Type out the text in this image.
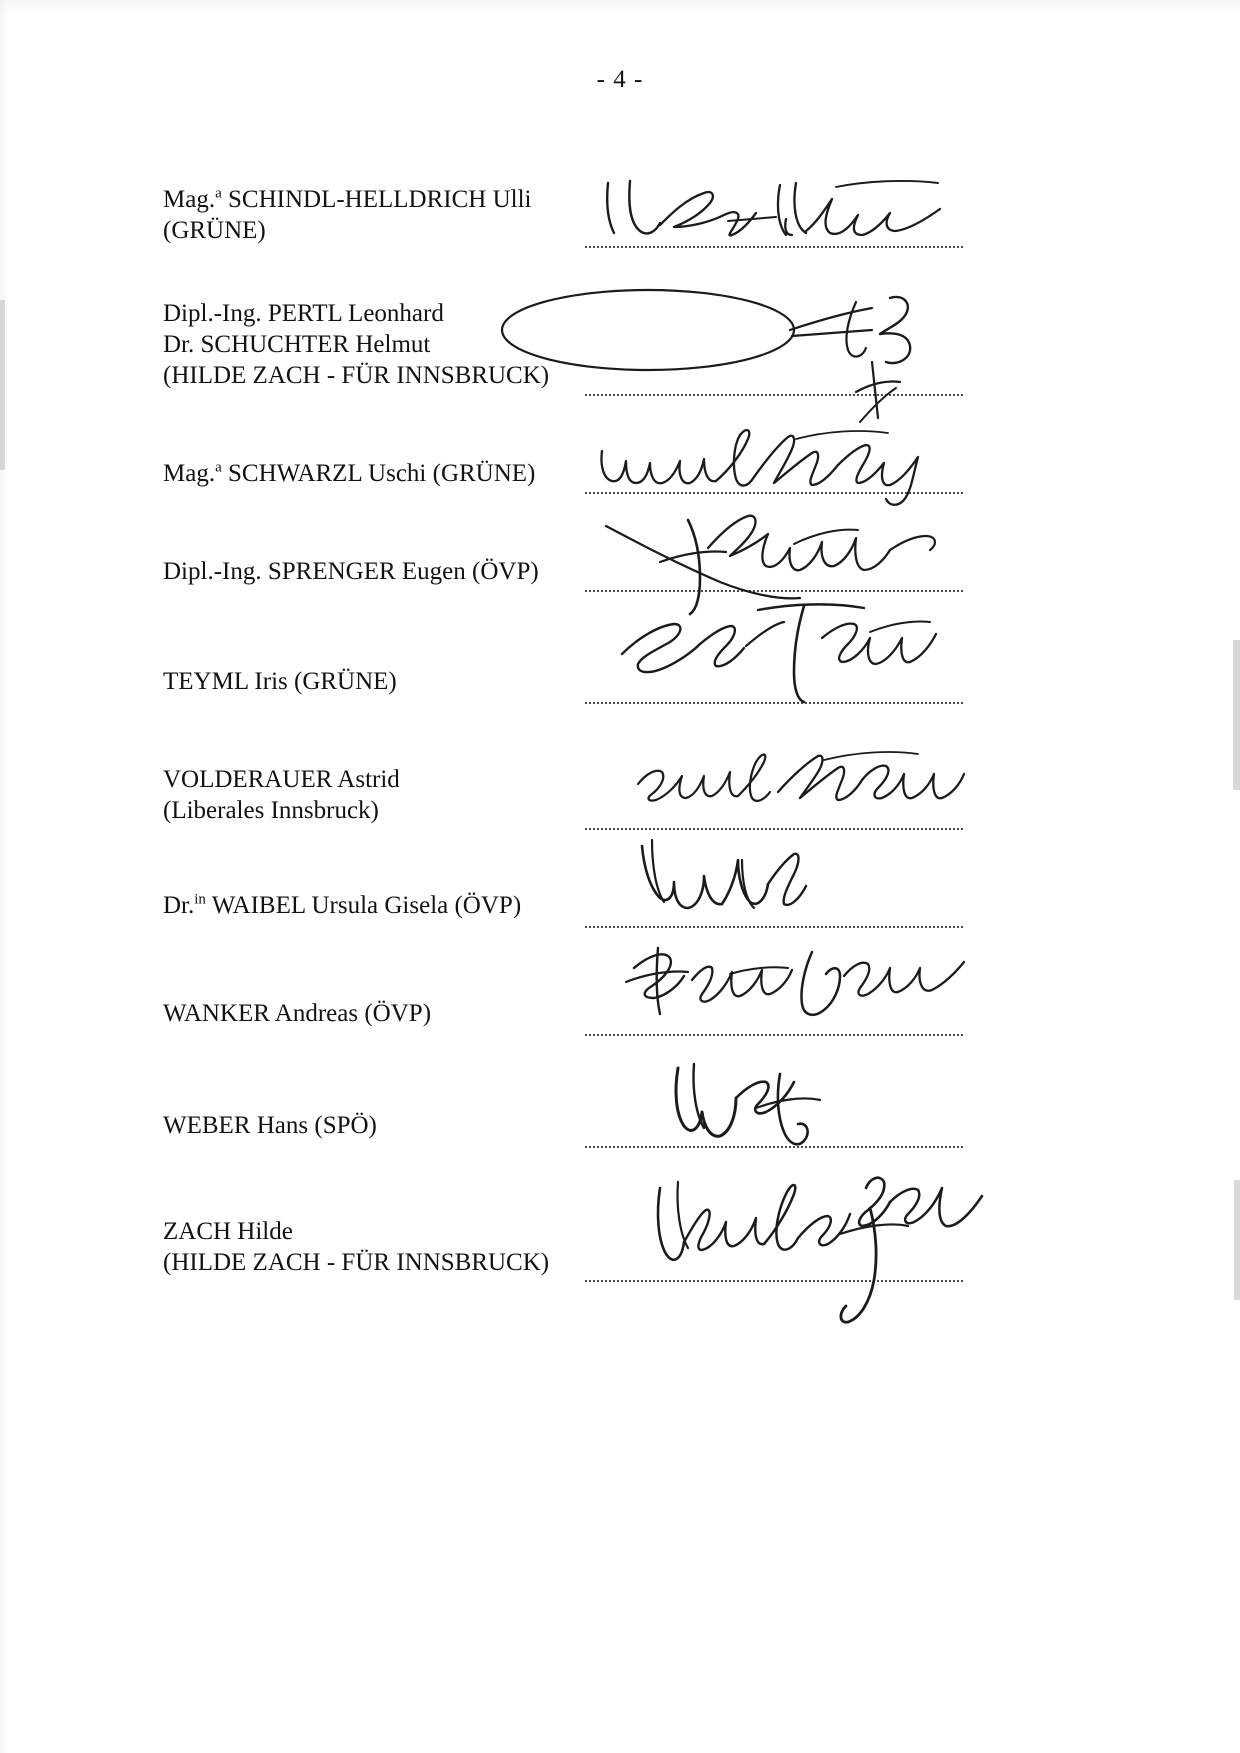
- 4 -
Mag.$^a$ SCHINDL-HELLDRICH Ulli
(GRÜNE)
Dipl.-Ing. PERTL Leonhard
Dr. SCHUCHTER Helmut
(HILDE ZACH - FÜR INNSBRUCK)
Mag.$^a$ SCHWARZL Uschi (GRÜNE)
Dipl.-Ing. SPRENGER Eugen (ÖVP)
TEYML Iris (GRÜNE)
VOLDERAUER Astrid
(Liberales Innsbruck)
Dr.$^{in}$ WAIBEL Ursula Gisela (ÖVP)
WANKER Andreas (ÖVP)
WEBER Hans (SPÖ)
ZACH Hilde
(HILDE ZACH - FÜR INNSBRUCK)
